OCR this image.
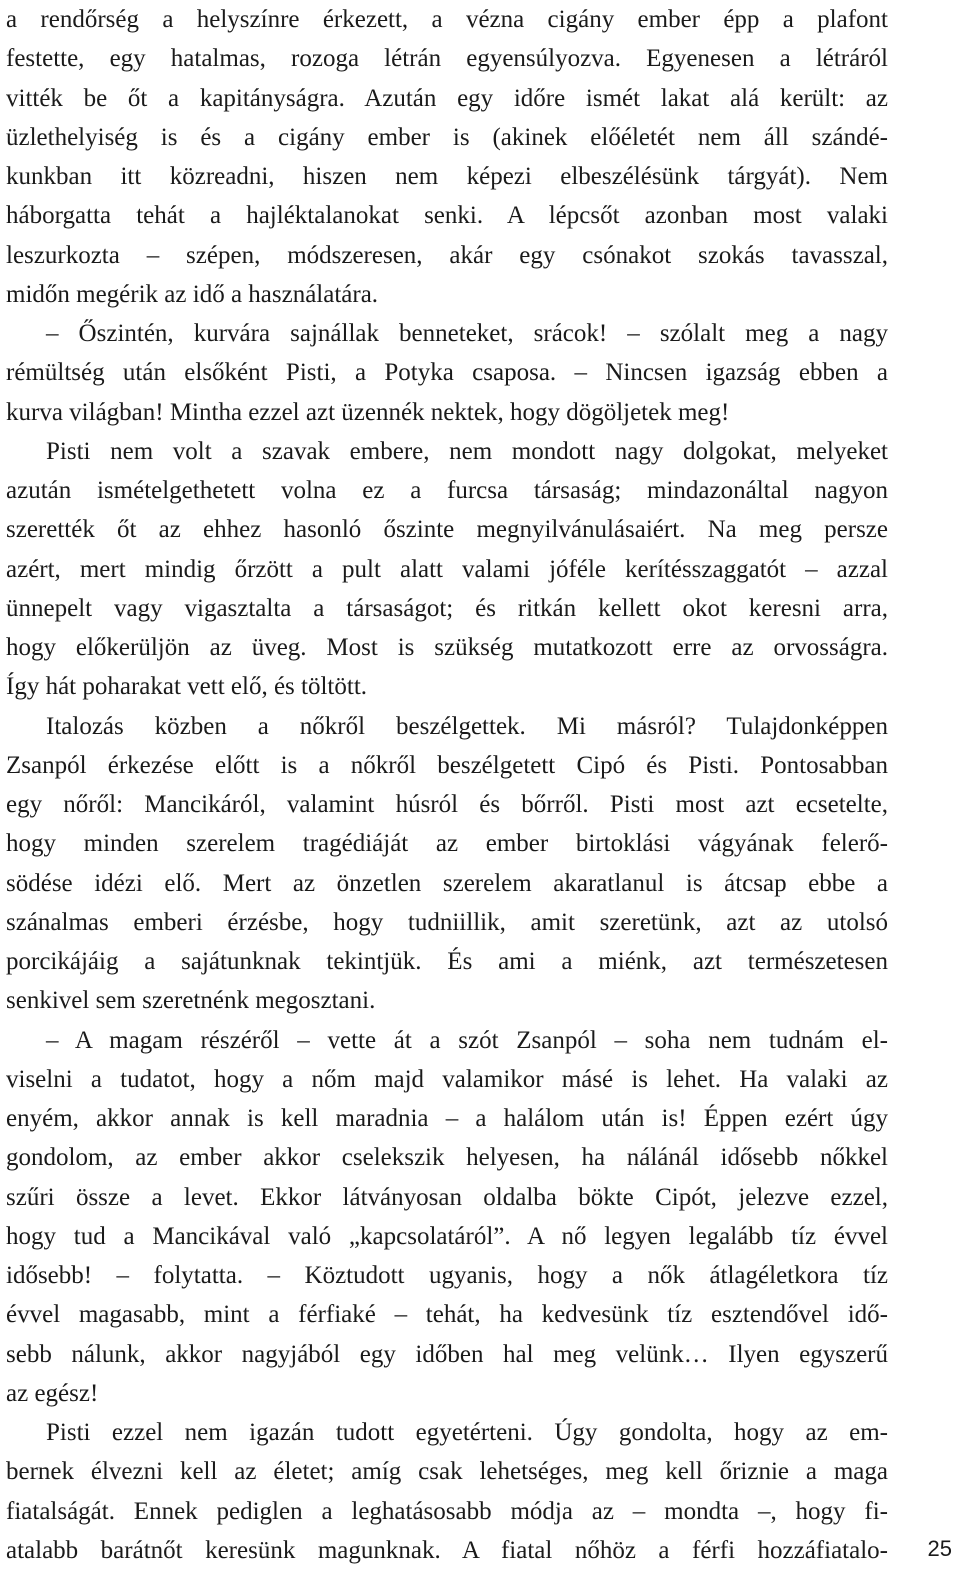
a rendőrség a helyszínre érkezett, a vézna cigány ember épp a plafont
festette, egy hatalmas, rozoga létrán egyensúlyozva. Egyenesen a létráról
vitték be őt a kapitányságra. Azután egy időre ismét lakat alá került: az
üzlethelyiség is és a cigány ember is (akinek előéletét nem áll szándé-
kunkban itt közreadni, hiszen nem képezi elbeszélésünk tárgyát). Nem
háborgatta tehát a hajléktalanokat senki. A lépcsőt azonban most valaki
leszurkozta – szépen, módszeresen, akár egy csónakot szokás tavasszal,
midőn megérik az idő a használatára.
– Őszintén, kurvára sajnállak benneteket, srácok! – szólalt meg a nagy
rémültség után elsőként Pisti, a Potyka csaposa. – Nincsen igazság ebben a
kurva világban! Mintha ezzel azt üzennék nektek, hogy dögöljetek meg!
Pisti nem volt a szavak embere, nem mondott nagy dolgokat, melyeket
azután ismételgethetett volna ez a furcsa társaság; mindazonáltal nagyon
szerették őt az ehhez hasonló őszinte megnyilvánulásaiért. Na meg persze
azért, mert mindig őrzött a pult alatt valami jóféle kerítésszaggatót – azzal
ünnepelt vagy vigasztalta a társaságot; és ritkán kellett okot keresni arra,
hogy előkerüljön az üveg. Most is szükség mutatkozott erre az orvosságra.
Így hát poharakat vett elő, és töltött.
Italozás közben a nőkről beszélgettek. Mi másról? Tulajdonképpen
Zsanpól érkezése előtt is a nőkről beszélgetett Cipó és Pisti. Pontosabban
egy nőről: Mancikáról, valamint húsról és bőrről. Pisti most azt ecsetelte,
hogy minden szerelem tragédiáját az ember birtoklási vágyának felerő-
södése idézi elő. Mert az önzetlen szerelem akaratlanul is átcsap ebbe a
szánalmas emberi érzésbe, hogy tudniillik, amit szeretünk, azt az utolsó
porcikájáig a sajátunknak tekintjük. És ami a miénk, azt természetesen
senkivel sem szeretnénk megosztani.
– A magam részéről – vette át a szót Zsanpól – soha nem tudnám el-
viselni a tudatot, hogy a nőm majd valamikor másé is lehet. Ha valaki az
enyém, akkor annak is kell maradnia – a halálom után is! Éppen ezért úgy
gondolom, az ember akkor cselekszik helyesen, ha nálánál idősebb nőkkel
szűri össze a levet. Ekkor látványosan oldalba bökte Cipót, jelezve ezzel,
hogy tud a Mancikával való „kapcsolatáról”. A nő legyen legalább tíz évvel
idősebb! – folytatta. – Köztudott ugyanis, hogy a nők átlagéletkora tíz
évvel magasabb, mint a férfiaké – tehát, ha kedvesünk tíz esztendővel idő-
sebb nálunk, akkor nagyjából egy időben hal meg velünk… Ilyen egyszerű
az egész!
Pisti ezzel nem igazán tudott egyetérteni. Úgy gondolta, hogy az em-
bernek élvezni kell az életet; amíg csak lehetséges, meg kell őriznie a maga
fiatalságát. Ennek pediglen a leghatásosabb módja az – mondta –, hogy fi-
atalabb barátnőt keresünk magunknak. A fiatal nőhöz a férfi hozzáfiatalo- 25
